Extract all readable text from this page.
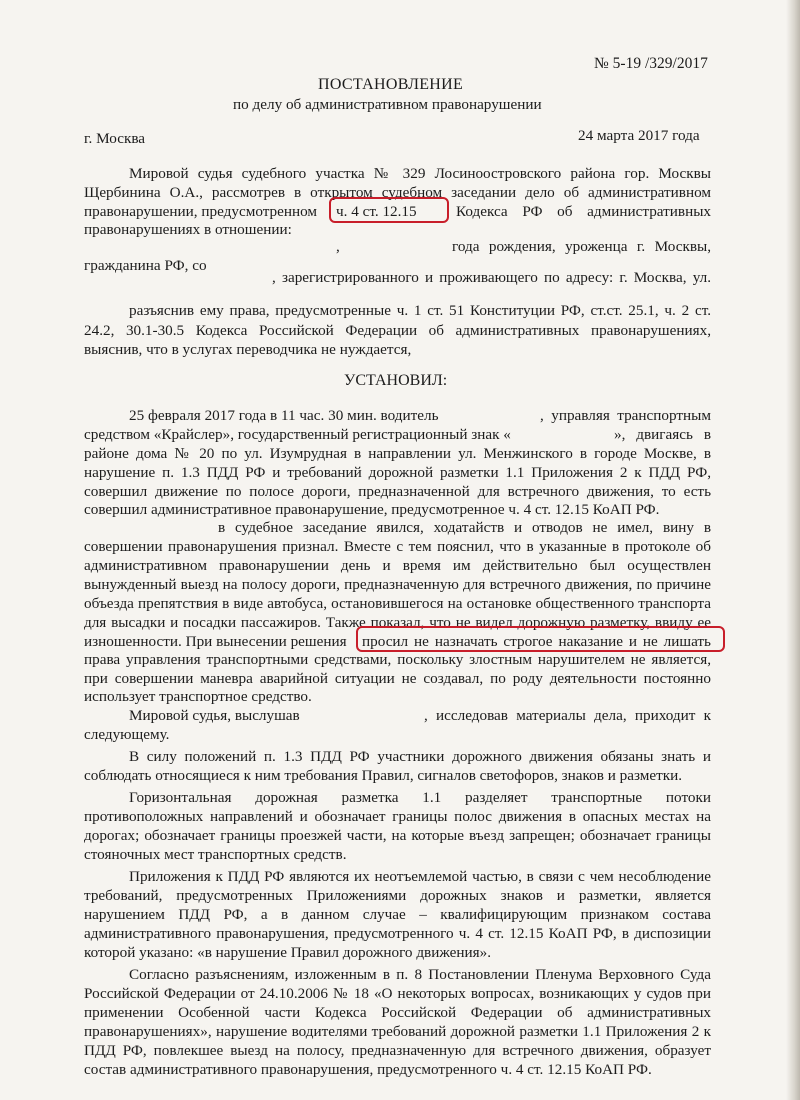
№ 5-19 /329/2017
ПОСТАНОВЛЕНИЕ
по делу об административном правонарушении
г. Москва	24 марта 2017 года
Мировой судья судебного участка № 329 Лосиноостровского района гор. Москвы
Щербинина О.А., рассмотрев в открытом судебном заседании дело об административном
правонарушении, предусмотренном ч. 4 ст. 12.15	Кодекса РФ об административных
правонарушениях в отношении:
,	года рождения, уроженца г. Москвы,
гражданина РФ, со
, зарегистрированного и проживающего по адресу: г. Москва, ул.
разъяснив ему права, предусмотренные ч. 1 ст. 51 Конституции РФ, ст.ст. 25.1, ч. 2 ст.
24.2, 30.1-30.5 Кодекса Российской Федерации об административных правонарушениях,
выяснив, что в услугах переводчика не нуждается,
УСТАНОВИЛ:
25 февраля 2017 года в 11 час. 30 мин. водитель	, управляя транспортным
средством «Крайслер», государственный регистрационный знак «	», двигаясь в
районе дома № 20 по ул. Изумрудная в направлении ул. Менжинского в городе Москве, в
нарушение п. 1.3 ПДД РФ и требований дорожной разметки 1.1 Приложения 2 к ПДД РФ,
совершил движение по полосе дороги, предназначенной для встречного движения, то есть
совершил административное правонарушение, предусмотренное ч. 4 ст. 12.15 КоАП РФ.
в судебное заседание явился, ходатайств и отводов не имел, вину в
совершении правонарушения признал. Вместе с тем пояснил, что в указанные в протоколе об
административном правонарушении день и время им действительно был осуществлен
вынужденный выезд на полосу дороги, предназначенную для встречного движения, по причине
объезда препятствия в виде автобуса, остановившегося на остановке общественного транспорта
для высадки и посадки пассажиров. Также показал, что не видел дорожную разметку, ввиду ее
изношенности. При вынесении решения просил не назначать строгое наказание и не лишать
права управления транспортными средствами, поскольку злостным нарушителем не является,
при совершении маневра аварийной ситуации не создавал, по роду деятельности постоянно
использует транспортное средство.
Мировой судья, выслушав	, исследовав материалы дела, приходит к
следующему.
В силу положений п. 1.3 ПДД РФ участники дорожного движения обязаны знать и
соблюдать относящиеся к ним требования Правил, сигналов светофоров, знаков и разметки.
Горизонтальная дорожная разметка 1.1 разделяет транспортные потоки
противоположных направлений и обозначает границы полос движения в опасных местах на
дорогах; обозначает границы проезжей части, на которые въезд запрещен; обозначает границы
стояночных мест транспортных средств.
Приложения к ПДД РФ являются их неотъемлемой частью, в связи с чем несоблюдение
требований, предусмотренных Приложениями дорожных знаков и разметки, является
нарушением ПДД РФ, а в данном случае – квалифицирующим признаком состава
административного правонарушения, предусмотренного ч. 4 ст. 12.15 КоАП РФ, в диспозиции
которой указано: «в нарушение Правил дорожного движения».
Согласно разъяснениям, изложенным в п. 8 Постановлении Пленума Верховного Суда
Российской Федерации от 24.10.2006 № 18 «О некоторых вопросах, возникающих у судов при
применении Особенной части Кодекса Российской Федерации об административных
правонарушениях», нарушение водителями требований дорожной разметки 1.1 Приложения 2 к
ПДД РФ, повлекшее выезд на полосу, предназначенную для встречного движения, образует
состав административного правонарушения, предусмотренного ч. 4 ст. 12.15 КоАП РФ.
